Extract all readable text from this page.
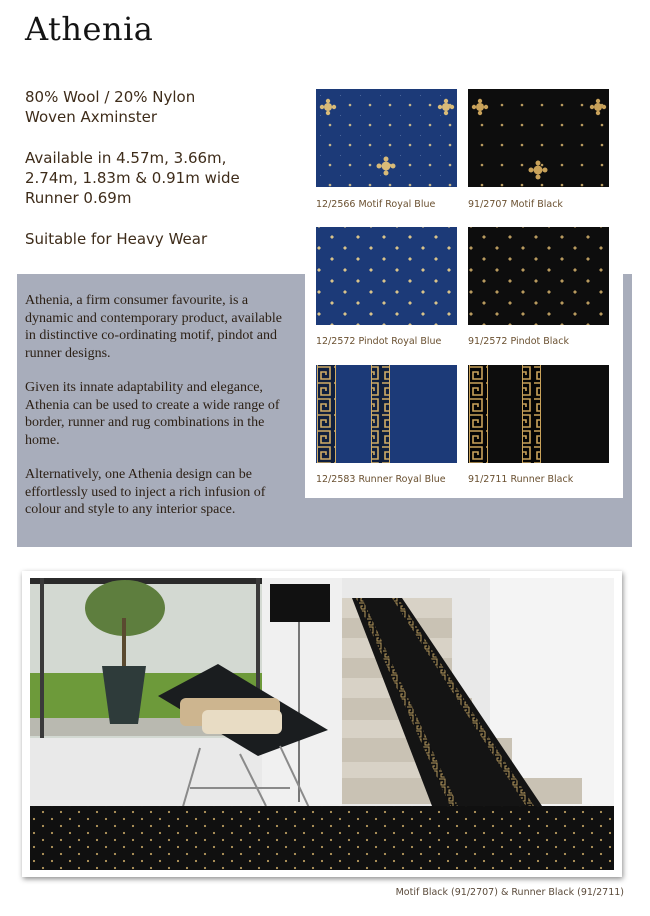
Athenia
80% Wool / 20% Nylon
Woven Axminster
Available in 4.57m, 3.66m,
2.74m, 1.83m & 0.91m wide
Runner 0.69m
Suitable for Heavy Wear
Athenia, a firm consumer favourite, is a dynamic and contemporary product, available in distinctive co-ordinating motif, pindot and runner designs.
Given its innate adaptability and elegance, Athenia can be used to create a wide range of border, runner and rug combinations in the home.
Alternatively, one Athenia design can be effortlessly used to inject a rich infusion of colour and style to any interior space.
12/2566 Motif Royal Blue	91/2707 Motif Black
12/2572 Pindot Royal Blue	91/2572 Pindot Black
12/2583 Runner Royal Blue 91/2711 Runner Black
Motif Black (91/2707) & Runner Black (91/2711)
